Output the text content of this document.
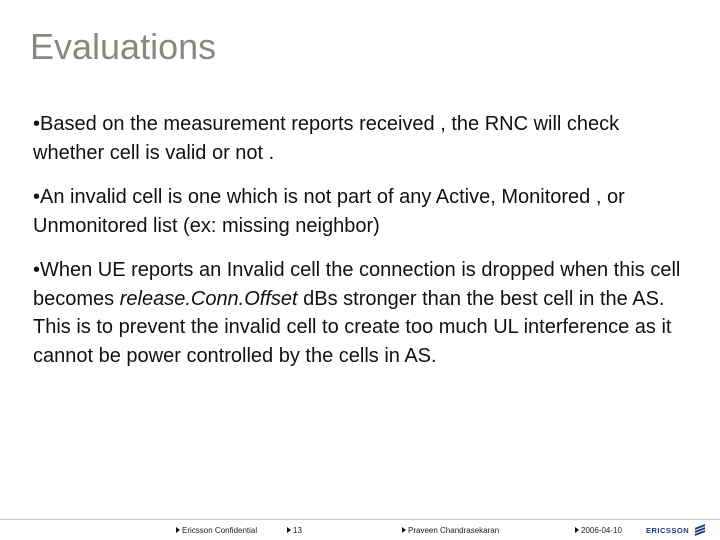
Evaluations
•Based on the measurement reports received , the RNC will check whether cell is valid or not .
•An invalid cell is one which is not part of any Active, Monitored , or Unmonitored list (ex: missing neighbor)
•When UE reports an Invalid cell the connection is dropped when this cell becomes release.Conn.Offset dBs stronger than the best cell in the AS. This is to prevent the invalid cell to create too much UL interference as it cannot be power controlled by the cells in AS.
Ericsson Confidential	13	Praveen Chandrasekaran	2006-04-10	ERICSSON
